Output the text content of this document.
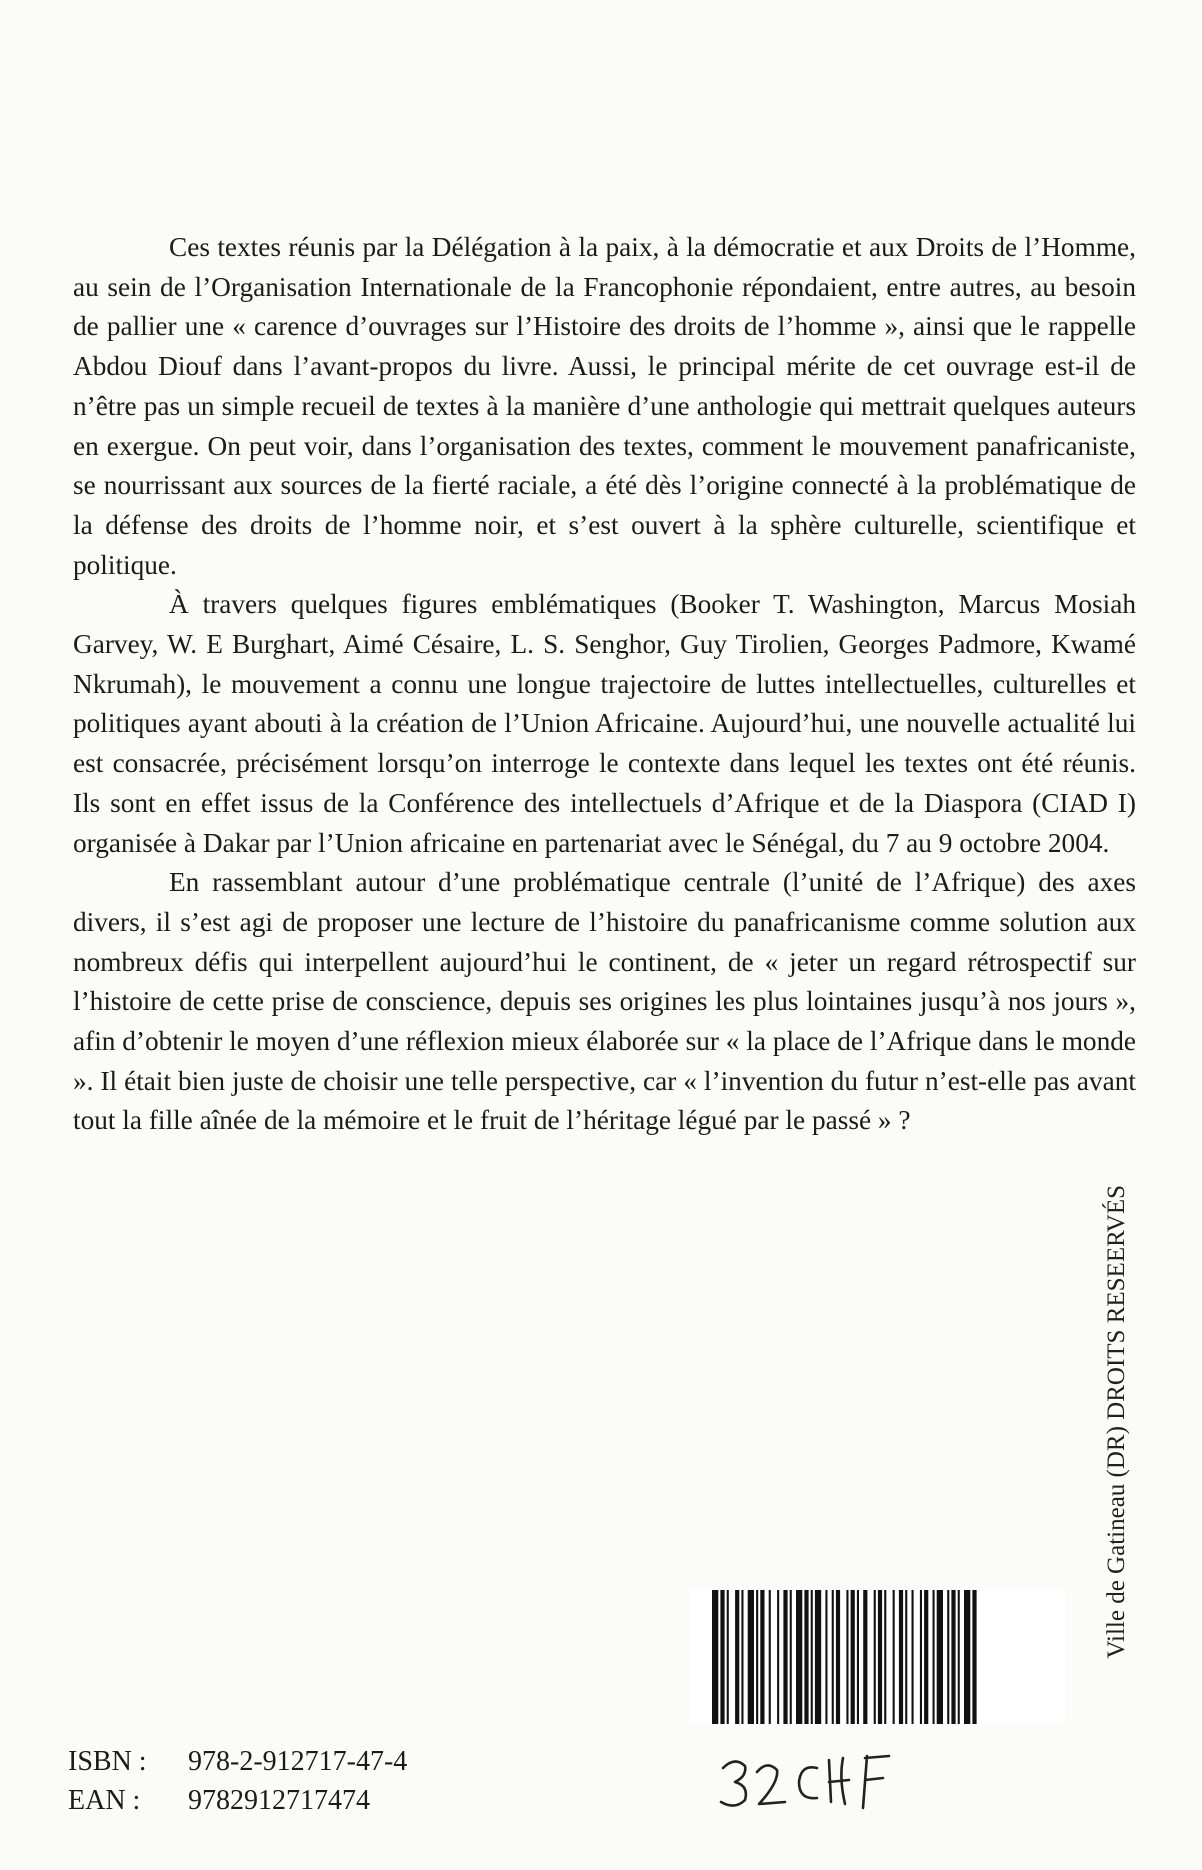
Ces textes réunis par la Délégation à la paix, à la démocratie et aux Droits de l’Homme, au sein de l’Organisation Internationale de la Francophonie répondaient, entre autres, au besoin de pallier une « carence d’ouvrages sur l’Histoire des droits de l’homme », ainsi que le rappelle Abdou Diouf dans l’avant-propos du livre. Aussi, le principal mérite de cet ouvrage est-il de n’être pas un simple recueil de textes à la manière d’une anthologie qui mettrait quelques auteurs en exergue. On peut voir, dans l’organisation des textes, comment le mouvement panafricaniste, se nourrissant aux sources de la fierté raciale, a été dès l’origine connecté à la problématique de la défense des droits de l’homme noir, et s’est ouvert à la sphère culturelle, scientifique et politique.

À travers quelques figures emblématiques (Booker T. Washington, Marcus Mosiah Garvey, W. E Burghart, Aimé Césaire, L. S. Senghor, Guy Tirolien, Georges Padmore, Kwamé Nkrumah), le mouvement a connu une longue trajectoire de luttes intellectuelles, culturelles et politiques ayant abouti à la création de l’Union Africaine. Aujourd’hui, une nouvelle actualité lui est consacrée, précisément lorsqu’on interroge le contexte dans lequel les textes ont été réunis. Ils sont en effet issus de la Conférence des intellectuels d’Afrique et de la Diaspora (CIAD I) organisée à Dakar par l’Union africaine en partenariat avec le Sénégal, du 7 au 9 octobre 2004.

En rassemblant autour d’une problématique centrale (l’unité de l’Afrique) des axes divers, il s’est agi de proposer une lecture de l’histoire du panafricanisme comme solution aux nombreux défis qui interpellent aujourd’hui le continent, de « jeter un regard rétrospectif sur l’histoire de cette prise de conscience, depuis ses origines les plus lointaines jusqu’à nos jours », afin d’obtenir le moyen d’une réflexion mieux élaborée sur « la place de l’Afrique dans le monde ». Il était bien juste de choisir une telle perspective, car « l’invention du futur n’est-elle pas avant tout la fille aînée de la mémoire et le fruit de l’héritage légué par le passé » ?

Ville de Gatineau (DR) DROITS RESEERVÉS
ISBN : 978-2-912717-47-4
EAN : 9782912717474
